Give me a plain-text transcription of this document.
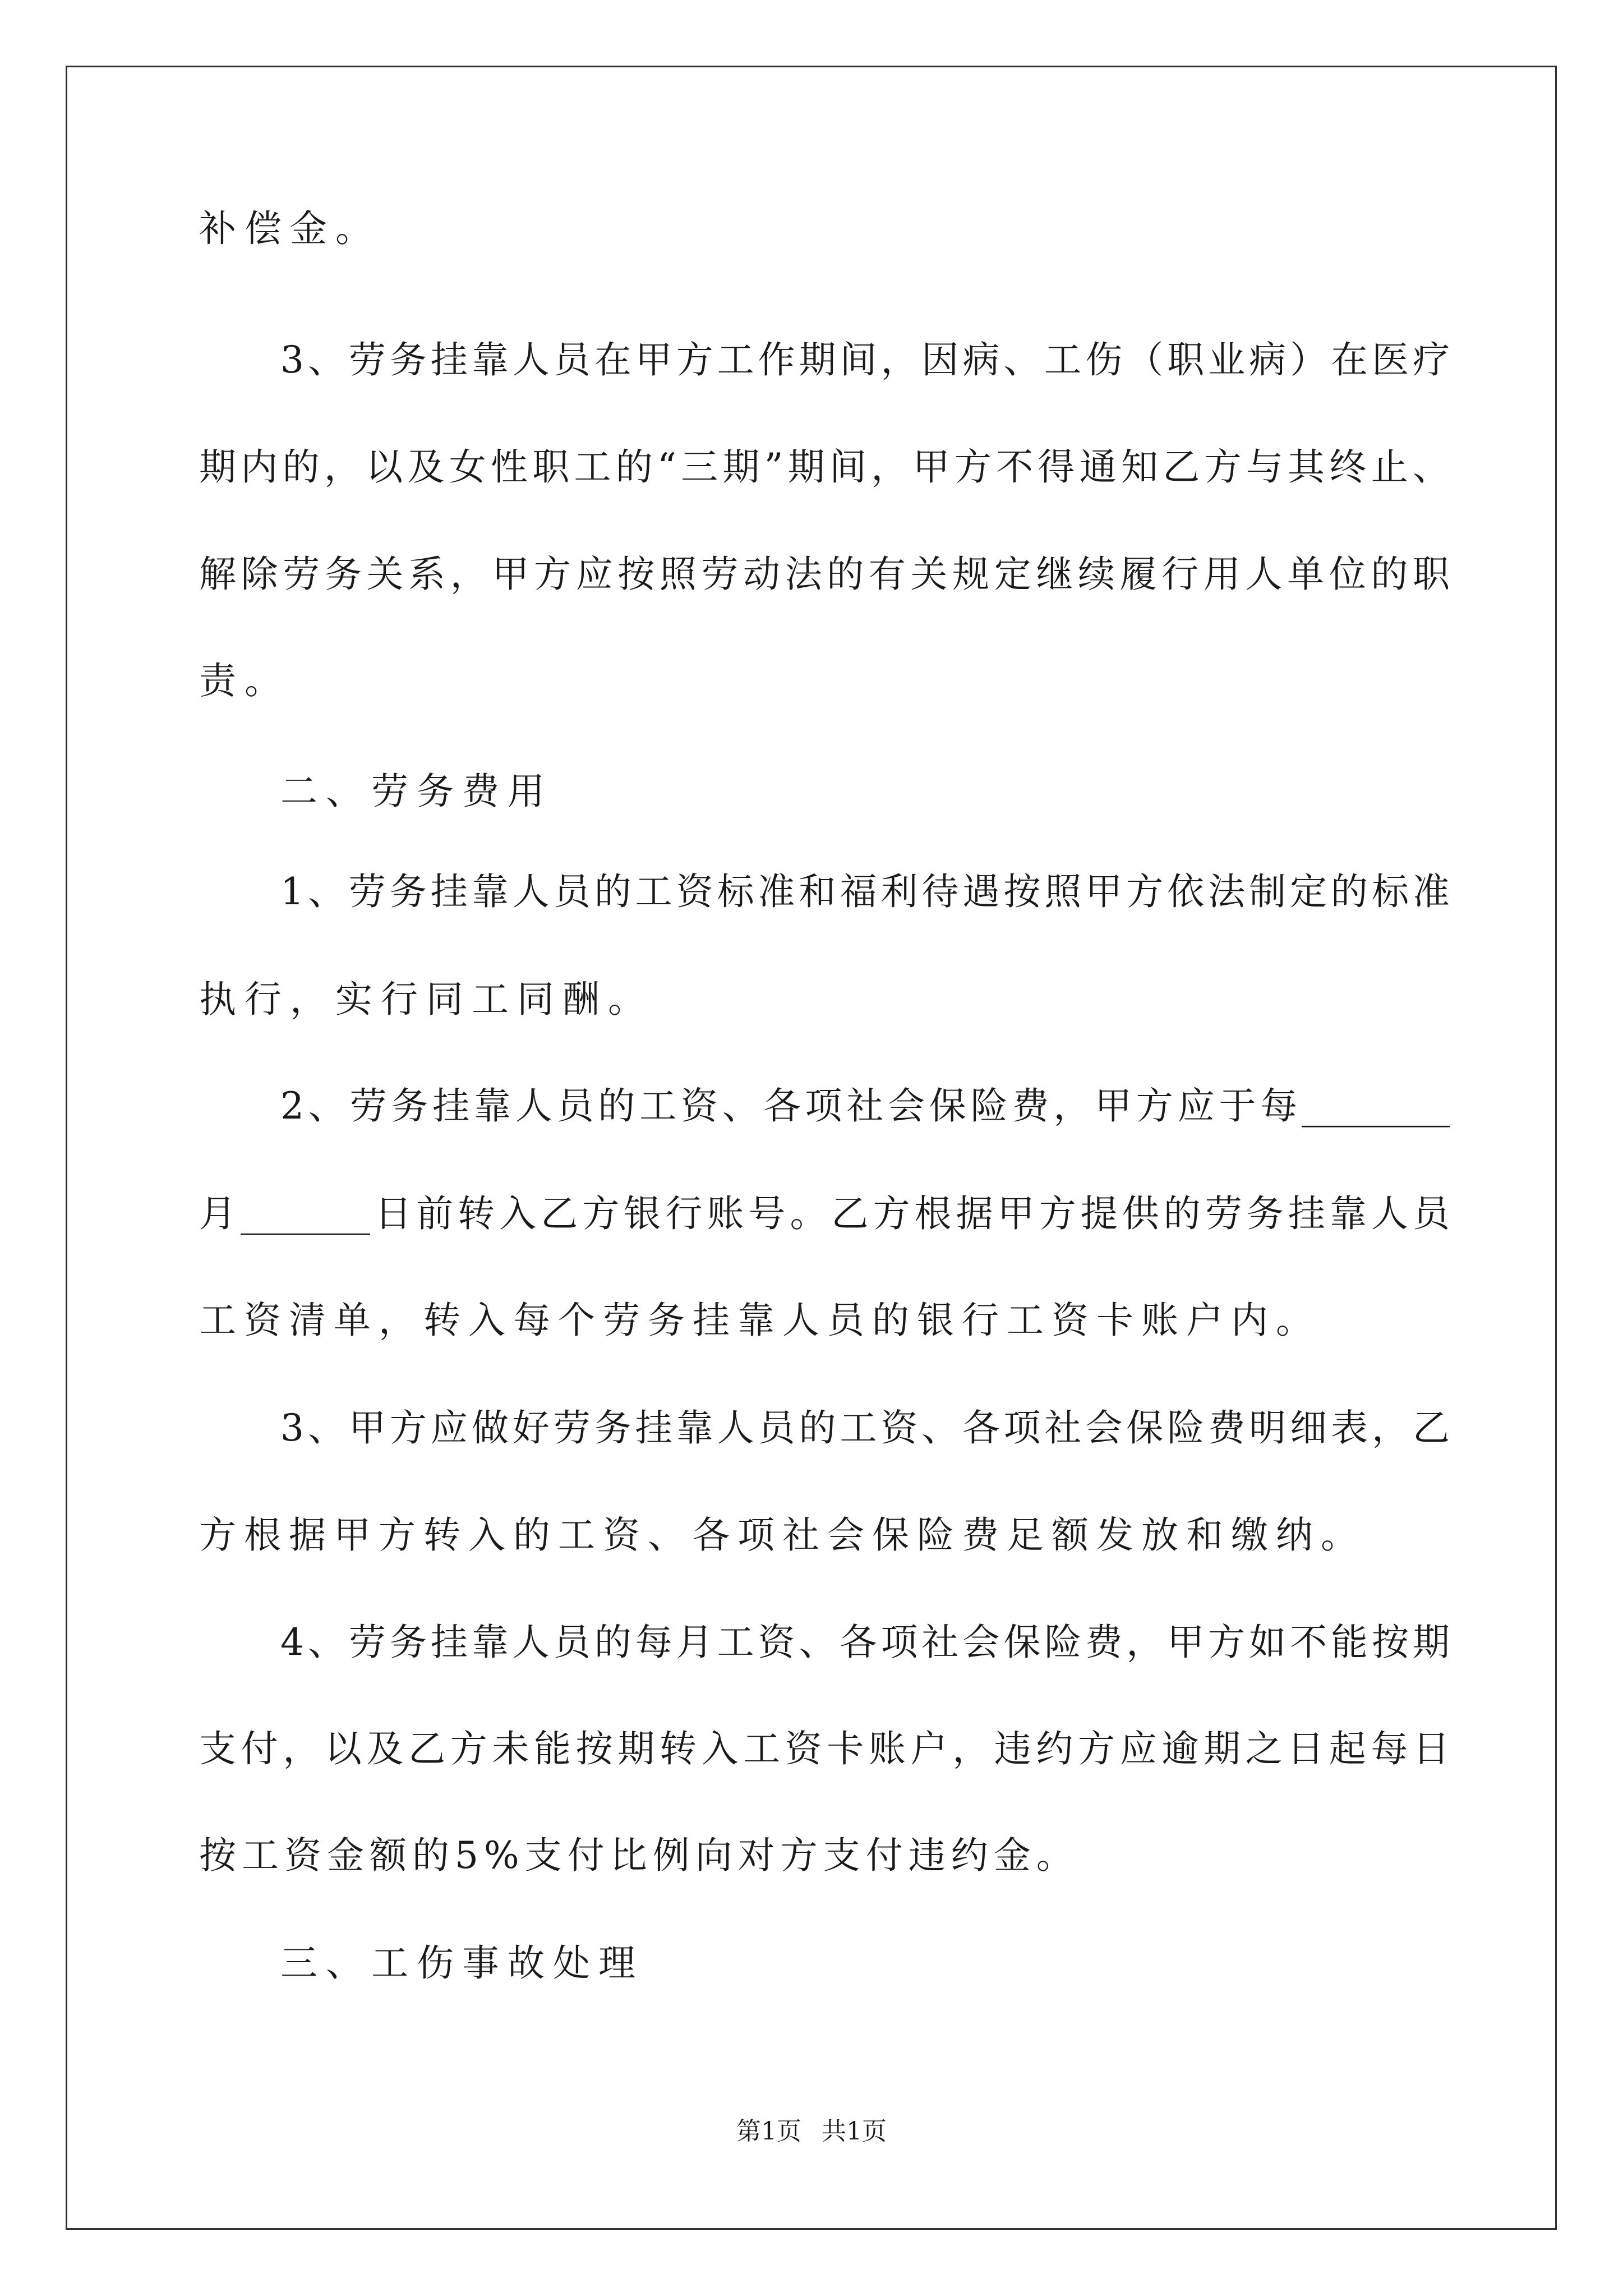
补偿金。
3、劳务挂靠人员在甲方工作期间，因病、工伤（职业病）在医疗
期内的，以及女性职工的“三期”期间，甲方不得通知乙方与其终止、
解除劳务关系，甲方应按照劳动法的有关规定继续履行用人单位的职
责。
二、劳务费用
1、劳务挂靠人员的工资标准和福利待遇按照甲方依法制定的标准
执行，实行同工同酬。
2、劳务挂靠人员的工资、各项社会保险费，甲方应于每________
月_______日前转入乙方银行账号。乙方根据甲方提供的劳务挂靠人员
工资清单，转入每个劳务挂靠人员的银行工资卡账户内。
3、甲方应做好劳务挂靠人员的工资、各项社会保险费明细表，乙
方根据甲方转入的工资、各项社会保险费足额发放和缴纳。
4、劳务挂靠人员的每月工资、各项社会保险费，甲方如不能按期
支付，以及乙方未能按期转入工资卡账户，违约方应逾期之日起每日
按工资金额的5%支付比例向对方支付违约金。
三、工伤事故处理
第1页 共1页
